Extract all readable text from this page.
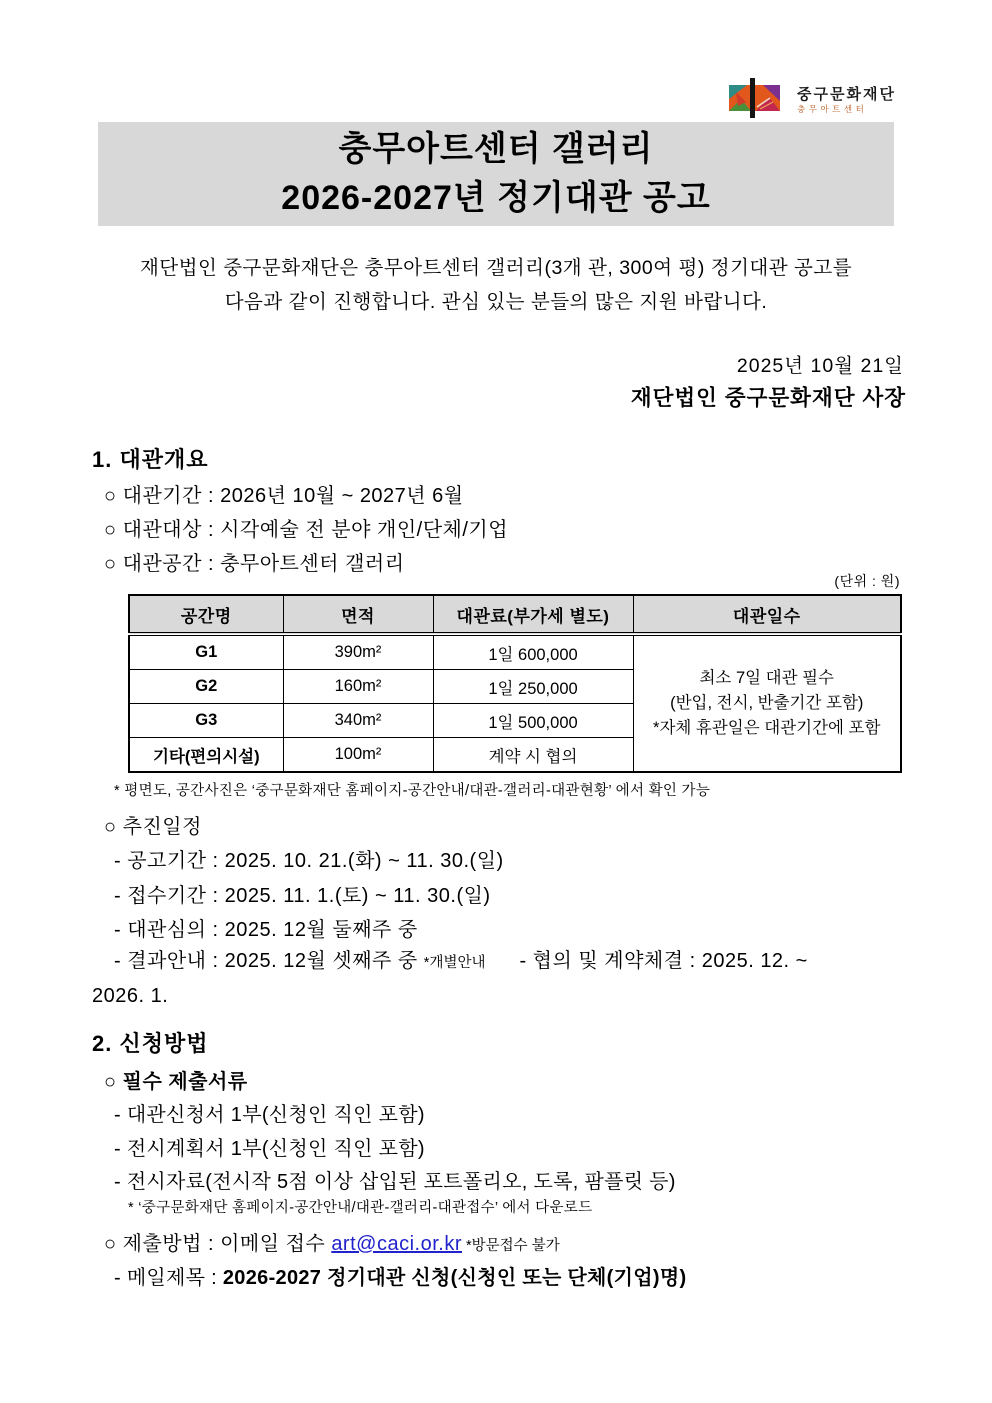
중구문화재단
충무아트센터
충무아트센터 갤러리
2026-2027년 정기대관 공고
재단법인 중구문화재단은 충무아트센터 갤러리(3개 관, 300여 평) 정기대관 공고를
다음과 같이 진행합니다. 관심 있는 분들의 많은 지원 바랍니다.
2025년 10월 21일
재단법인 중구문화재단 사장
1. 대관개요
○ 대관기간 : 2026년 10월 ~ 2027년 6월
○ 대관대상 : 시각예술 전 분야 개인/단체/기업
○ 대관공간 : 충무아트센터 갤러리
(단위 : 원)
공간명	면적	대관료(부가세 별도)	대관일수
G1	390m²	1일 600,000	최소 7일 대관 필수
(반입, 전시, 반출기간 포함)
*자체 휴관일은 대관기간에 포함
G2	160m²	1일 250,000	
G3	340m²	1일 500,000	
기타(편의시설)	100m²	계약 시 협의	
* 평면도, 공간사진은 ‘중구문화재단 홈페이지-공간안내/대관-갤러리-대관현황’ 에서 확인 가능
○ 추진일정
- 공고기간 : 2025. 10. 21.(화) ~ 11. 30.(일)
- 접수기간 : 2025. 11. 1.(토) ~ 11. 30.(일)
- 대관심의 : 2025. 12월 둘째주 중
- 결과안내 : 2025. 12월 셋째주 중 *개별안내 - 협의 및 계약체결 : 2025. 12. ~
2026. 1.
2. 신청방법
○ 필수 제출서류
- 대관신청서 1부(신청인 직인 포함)
- 전시계획서 1부(신청인 직인 포함)
- 전시자료(전시작 5점 이상 삽입된 포트폴리오, 도록, 팜플릿 등)
* ‘중구문화재단 홈페이지-공간안내/대관-갤러리-대관접수’ 에서 다운로드
○ 제출방법 : 이메일 접수 art@caci.or.kr *방문접수 불가
- 메일제목 : 2026-2027 정기대관 신청(신청인 또는 단체(기업)명)
